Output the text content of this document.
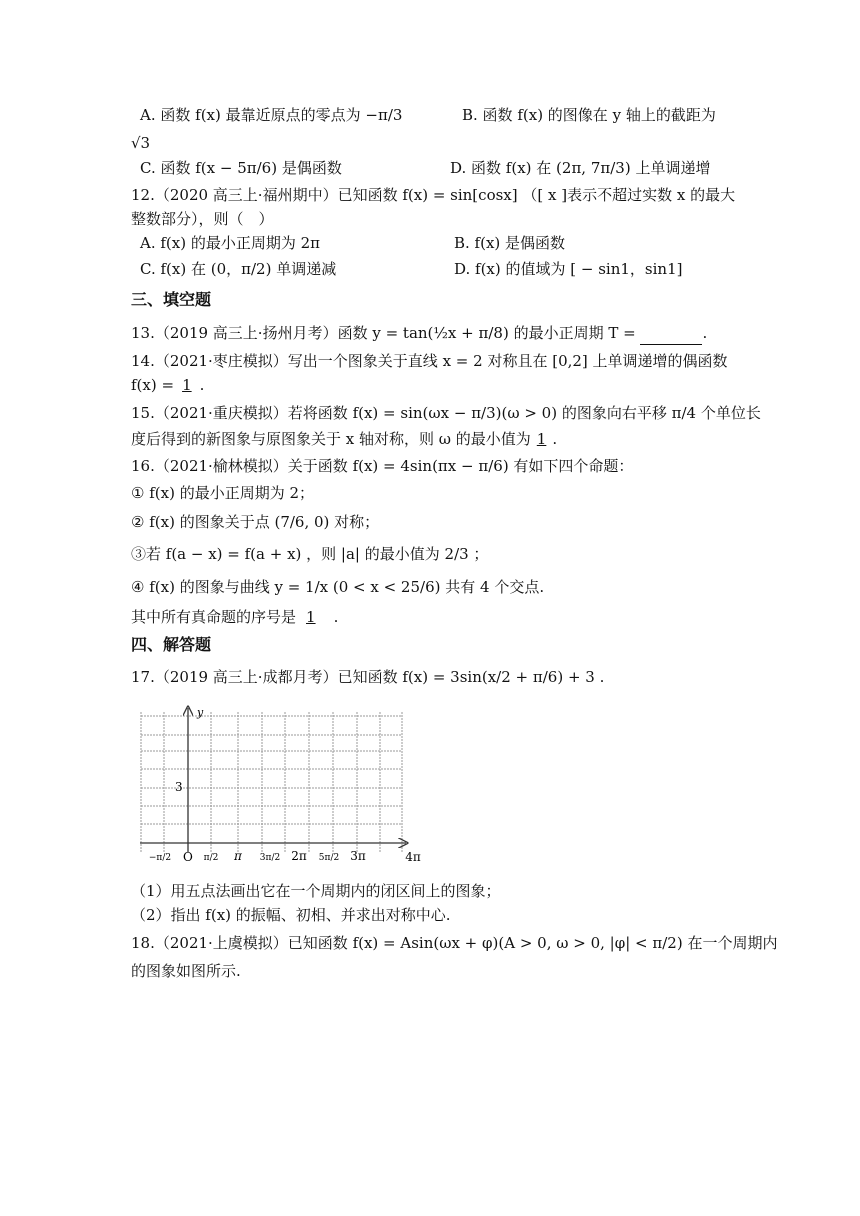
A. 函数 f(x) 最靠近原点的零点为 −π/3	B. 函数 f(x) 的图像在 y 轴上的截距为
√3
C. 函数 f(x − 5π/6) 是偶函数	D. 函数 f(x) 在 (2π, 7π/3) 上单调递增
12.（2020 高三上·福州期中）已知函数 f(x) = sin[cosx] （[ x ]表示不超过实数 x 的最大
整数部分），则（　）
A. f(x) 的最小正周期为 2π	B. f(x) 是偶函数
C. f(x) 在 (0，π/2) 单调递减	D. f(x) 的值域为 [ − sin1，sin1]
三、填空题
13.（2019 高三上·扬州月考）函数 y = tan(½x + π/8) 的最小正周期 T =	.
14.（2021·枣庄模拟）写出一个图象关于直线 x = 2 对称且在 [0,2] 上单调递增的偶函数
f(x) = 1 .
15.（2021·重庆模拟）若将函数 f(x) = sin(ωx − π/3)(ω > 0) 的图象向右平移 π/4 个单位长
度后得到的新图象与原图象关于 x 轴对称，则 ω 的最小值为 1 .
16.（2021·榆林模拟）关于函数 f(x) = 4sin(πx − π/6) 有如下四个命题：
① f(x) 的最小正周期为 2；
② f(x) 的图象关于点 (7/6, 0) 对称；
③若 f(a − x) = f(a + x) ，则 |a| 的最小值为 2/3 ；
④ f(x) 的图象与曲线 y = 1/x (0 < x < 25/6) 共有 4 个交点.
其中所有真命题的序号是 1 .
四、解答题
17.（2019 高三上·成都月考）已知函数 f(x) = 3sin(x/2 + π/6) + 3 .
y
3
O
−π/2	π/2 π 3π/2 2π 5π/2 3π	4π
（1）用五点法画出它在一个周期内的闭区间上的图象；
（2）指出 f(x) 的振幅、初相、并求出对称中心.
18.（2021·上虞模拟）已知函数 f(x) = Asin(ωx + φ)(A > 0, ω > 0, |φ| < π/2) 在一个周期内
的图象如图所示.
